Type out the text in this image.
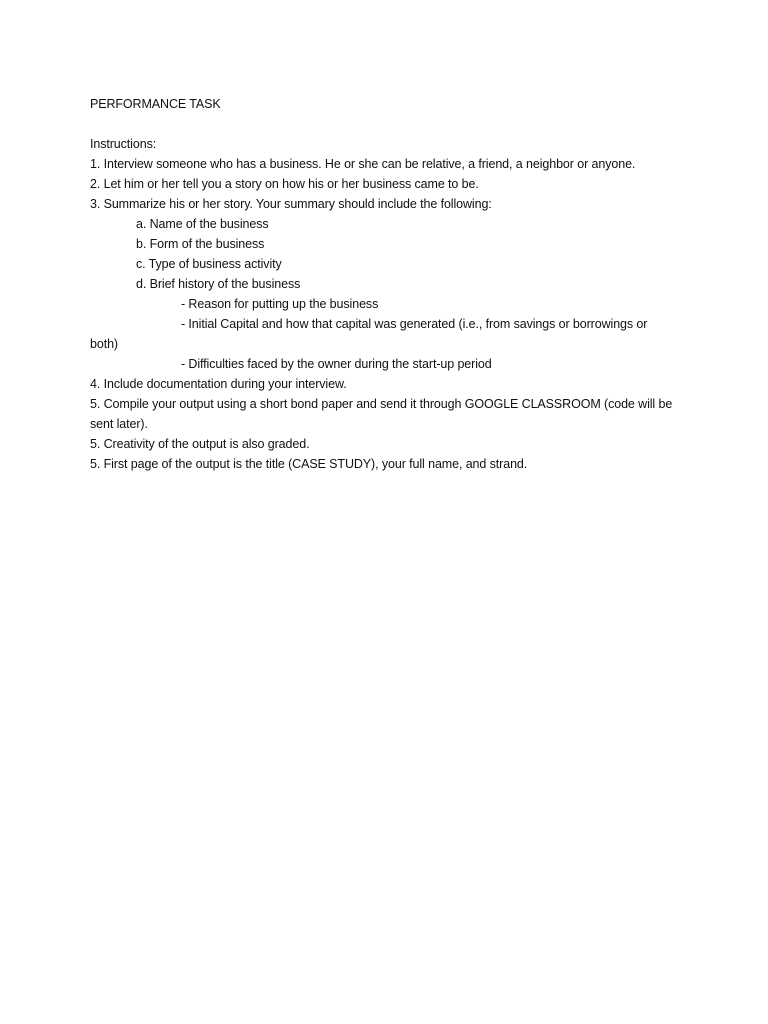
PERFORMANCE TASK
Instructions:
1. Interview someone who has a business. He or she can be relative, a friend, a neighbor or anyone.
2. Let him or her tell you a story on how his or her business came to be.
3. Summarize his or her story. Your summary should include the following:
a. Name of the business
b. Form of the business
c. Type of business activity
d. Brief history of the business
- Reason for putting up the business
- Initial Capital and how that capital was generated (i.e., from savings or borrowings or
both)
- Difficulties faced by the owner during the start-up period
4. Include documentation during your interview.
5. Compile your output using a short bond paper and send it through GOOGLE CLASSROOM (code will be
sent later).
5. Creativity of the output is also graded.
5. First page of the output is the title (CASE STUDY), your full name, and strand.
